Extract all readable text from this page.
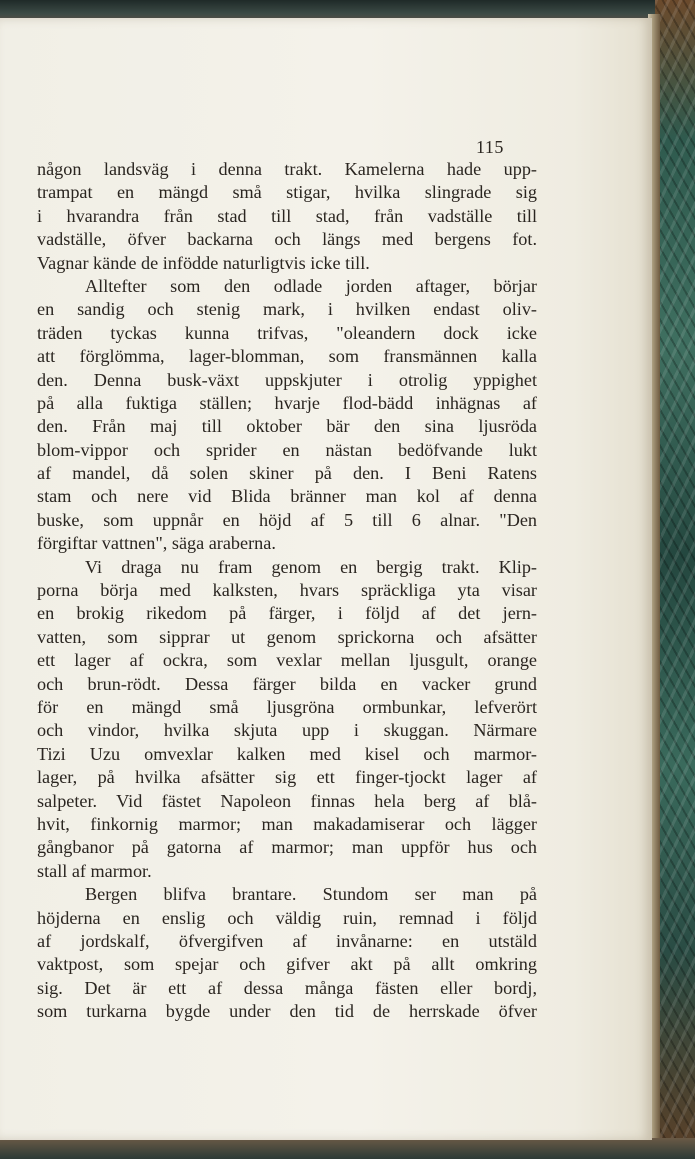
115
någon landsväg i denna trakt. Kamelerna hade upp-
trampat en mängd små stigar, hvilka slingrade sig
i hvarandra från stad till stad, från vadställe till
vadställe, öfver backarna och längs med bergens fot.
Vagnar kände de infödde naturligtvis icke till.
Alltefter som den odlade jorden aftager, börjar
en sandig och stenig mark, i hvilken endast oliv-
träden tyckas kunna trifvas, "oleandern dock icke
att förglömma, lager-blomman, som fransmännen kalla
den. Denna busk-växt uppskjuter i otrolig yppighet
på alla fuktiga ställen; hvarje flod-bädd inhägnas af
den. Från maj till oktober bär den sina ljusröda
blom-vippor och sprider en nästan bedöfvande lukt
af mandel, då solen skiner på den. I Beni Ratens
stam och nere vid Blida bränner man kol af denna
buske, som uppnår en höjd af 5 till 6 alnar. "Den
förgiftar vattnen", säga araberna.
Vi draga nu fram genom en bergig trakt. Klip-
porna börja med kalksten, hvars spräckliga yta visar
en brokig rikedom på färger, i följd af det jern-
vatten, som sipprar ut genom sprickorna och afsätter
ett lager af ockra, som vexlar mellan ljusgult, orange
och brun-rödt. Dessa färger bilda en vacker grund
för en mängd små ljusgröna ormbunkar, lefverört
och vindor, hvilka skjuta upp i skuggan. Närmare
Tizi Uzu omvexlar kalken med kisel och marmor-
lager, på hvilka afsätter sig ett finger-tjockt lager af
salpeter. Vid fästet Napoleon finnas hela berg af blå-
hvit, finkornig marmor; man makadamiserar och lägger
gångbanor på gatorna af marmor; man uppför hus och
stall af marmor.
Bergen blifva brantare. Stundom ser man på
höjderna en enslig och väldig ruin, remnad i följd
af jordskalf, öfvergifven af invånarne: en utstäld
vaktpost, som spejar och gifver akt på allt omkring
sig. Det är ett af dessa många fästen eller bordj,
som turkarna bygde under den tid de herrskade öfver
